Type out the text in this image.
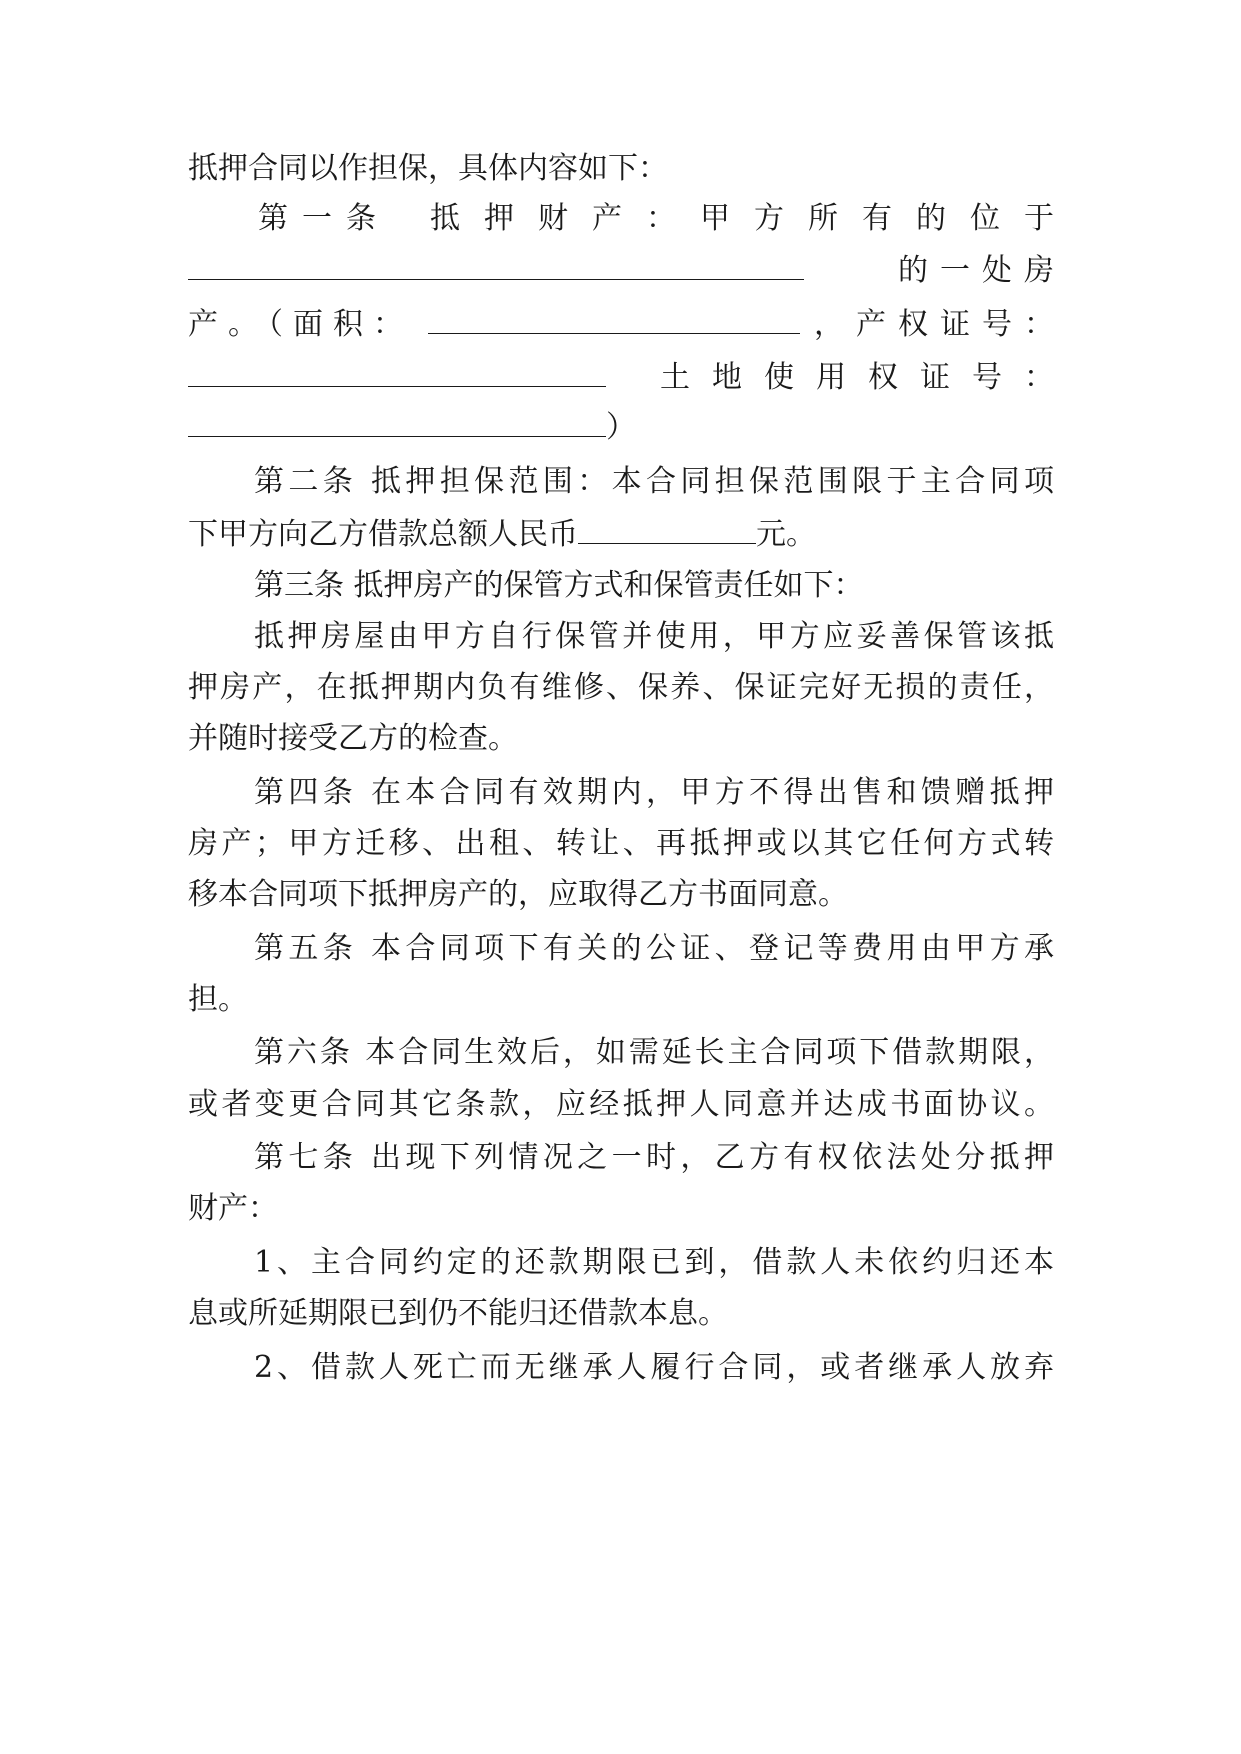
抵押合同以作担保，具体内容如下：
第一条 抵押财产：甲方所有的位于
的一处房
产。（面积：	，产权证号：
土地使用权证号：
）
第二条 抵押担保范围：本合同担保范围限于主合同项
下甲方向乙方借款总额人民币	元。
第三条 抵押房产的保管方式和保管责任如下：
抵押房屋由甲方自行保管并使用，甲方应妥善保管该抵
押房产，在抵押期内负有维修、保养、保证完好无损的责任，
并随时接受乙方的检查。
第四条 在本合同有效期内，甲方不得出售和馈赠抵押
房产；甲方迁移、出租、转让、再抵押或以其它任何方式转
移本合同项下抵押房产的，应取得乙方书面同意。
第五条 本合同项下有关的公证、登记等费用由甲方承
担。
第六条 本合同生效后，如需延长主合同项下借款期限，
或者变更合同其它条款，应经抵押人同意并达成书面协议。
第七条 出现下列情况之一时，乙方有权依法处分抵押
财产：
1、主合同约定的还款期限已到，借款人未依约归还本
息或所延期限已到仍不能归还借款本息。
2、借款人死亡而无继承人履行合同，或者继承人放弃
